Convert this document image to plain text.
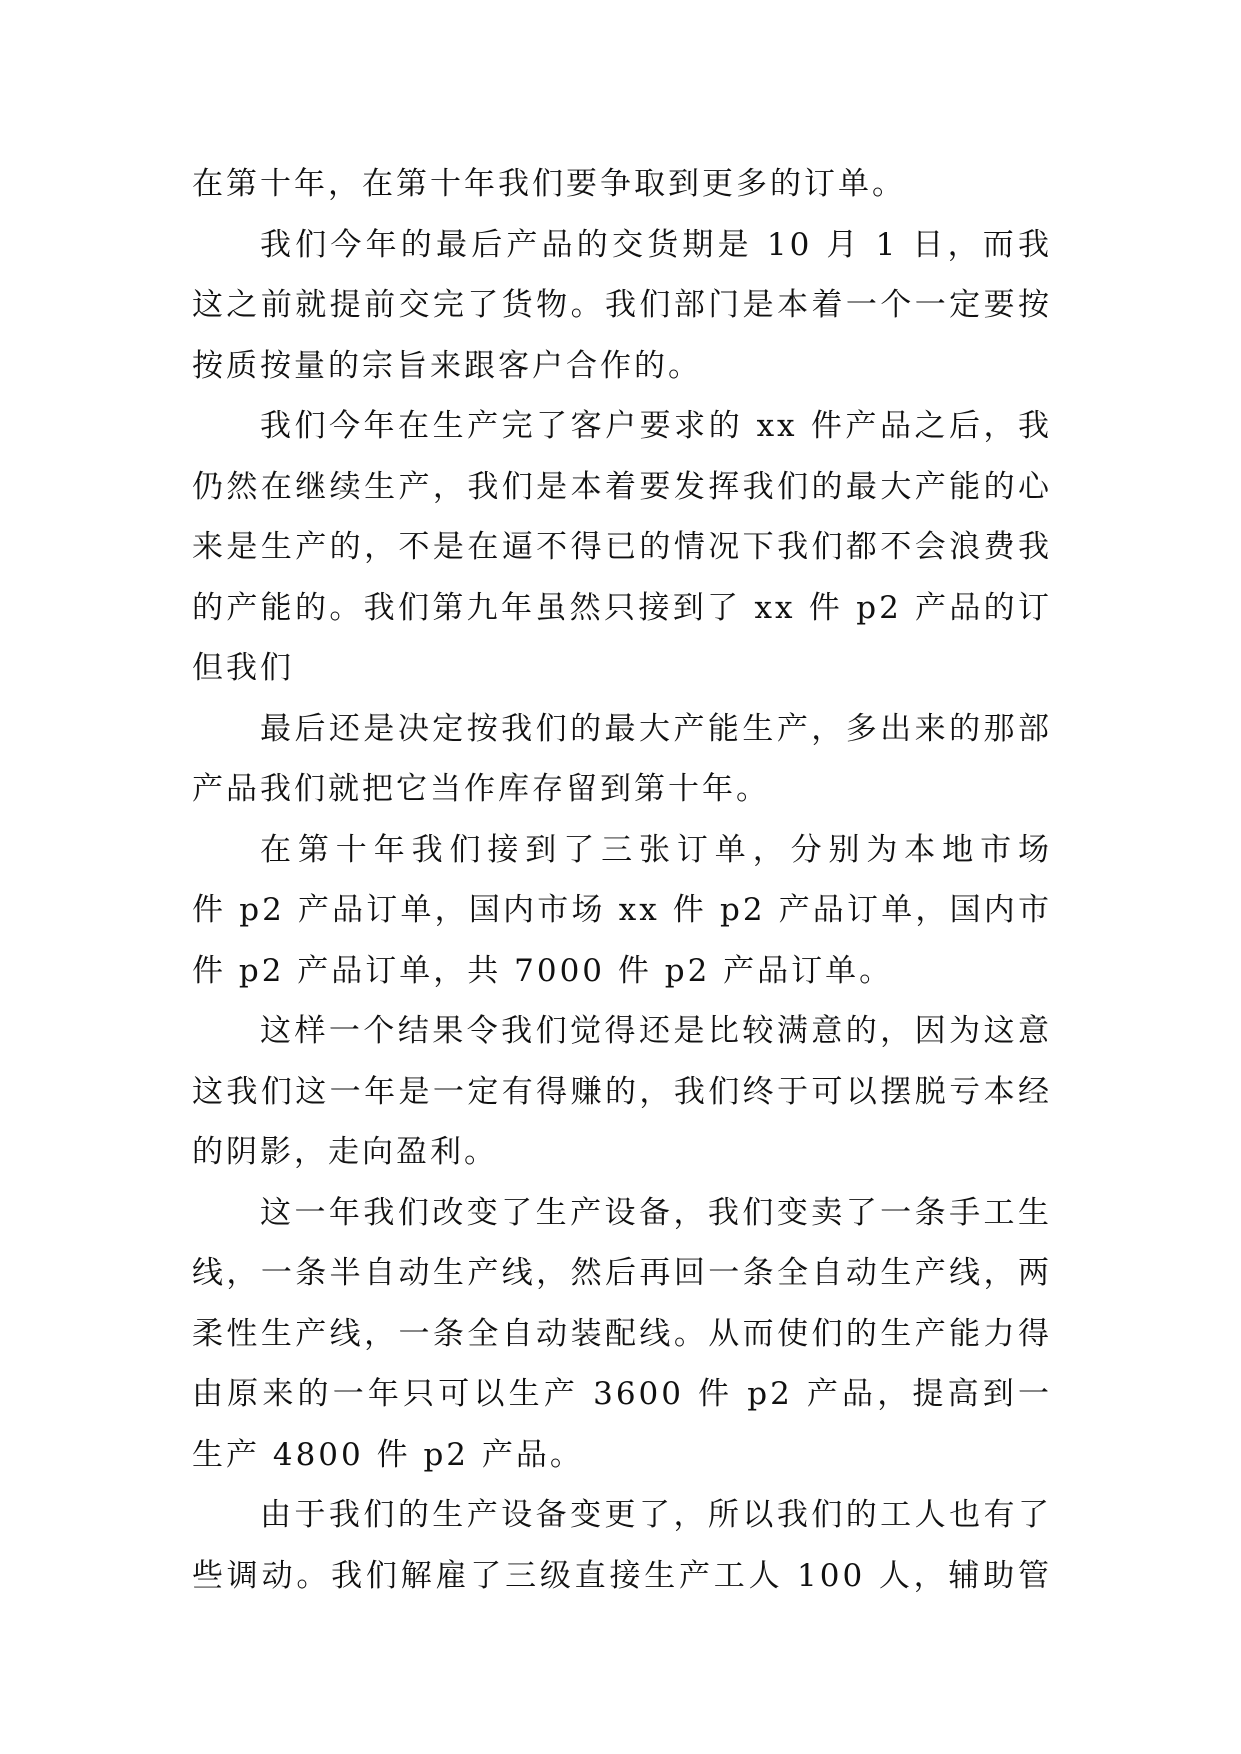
在第十年，在第十年我们要争取到更多的订单。
我们今年的最后产品的交货期是 10 月 1 日，而我
这之前就提前交完了货物。我们部门是本着一个一定要按
按质按量的宗旨来跟客户合作的。
我们今年在生产完了客户要求的 xx 件产品之后，我
仍然在继续生产，我们是本着要发挥我们的最大产能的心
来是生产的，不是在逼不得已的情况下我们都不会浪费我
的产能的。我们第九年虽然只接到了 xx 件 p2 产品的订
但我们
最后还是决定按我们的最大产能生产，多出来的那部
产品我们就把它当作库存留到第十年。
在第十年我们接到了三张订单，分别为本地市场
件 p2 产品订单，国内市场 xx 件 p2 产品订单，国内市
件 p2 产品订单，共 7000 件 p2 产品订单。
这样一个结果令我们觉得还是比较满意的，因为这意
这我们这一年是一定有得赚的，我们终于可以摆脱亏本经
的阴影，走向盈利。
这一年我们改变了生产设备，我们变卖了一条手工生
线，一条半自动生产线，然后再回一条全自动生产线，两
柔性生产线，一条全自动装配线。从而使们的生产能力得
由原来的一年只可以生产 3600 件 p2 产品，提高到一
生产 4800 件 p2 产品。
由于我们的生产设备变更了，所以我们的工人也有了
些调动。我们解雇了三级直接生产工人 100 人，辅助管
